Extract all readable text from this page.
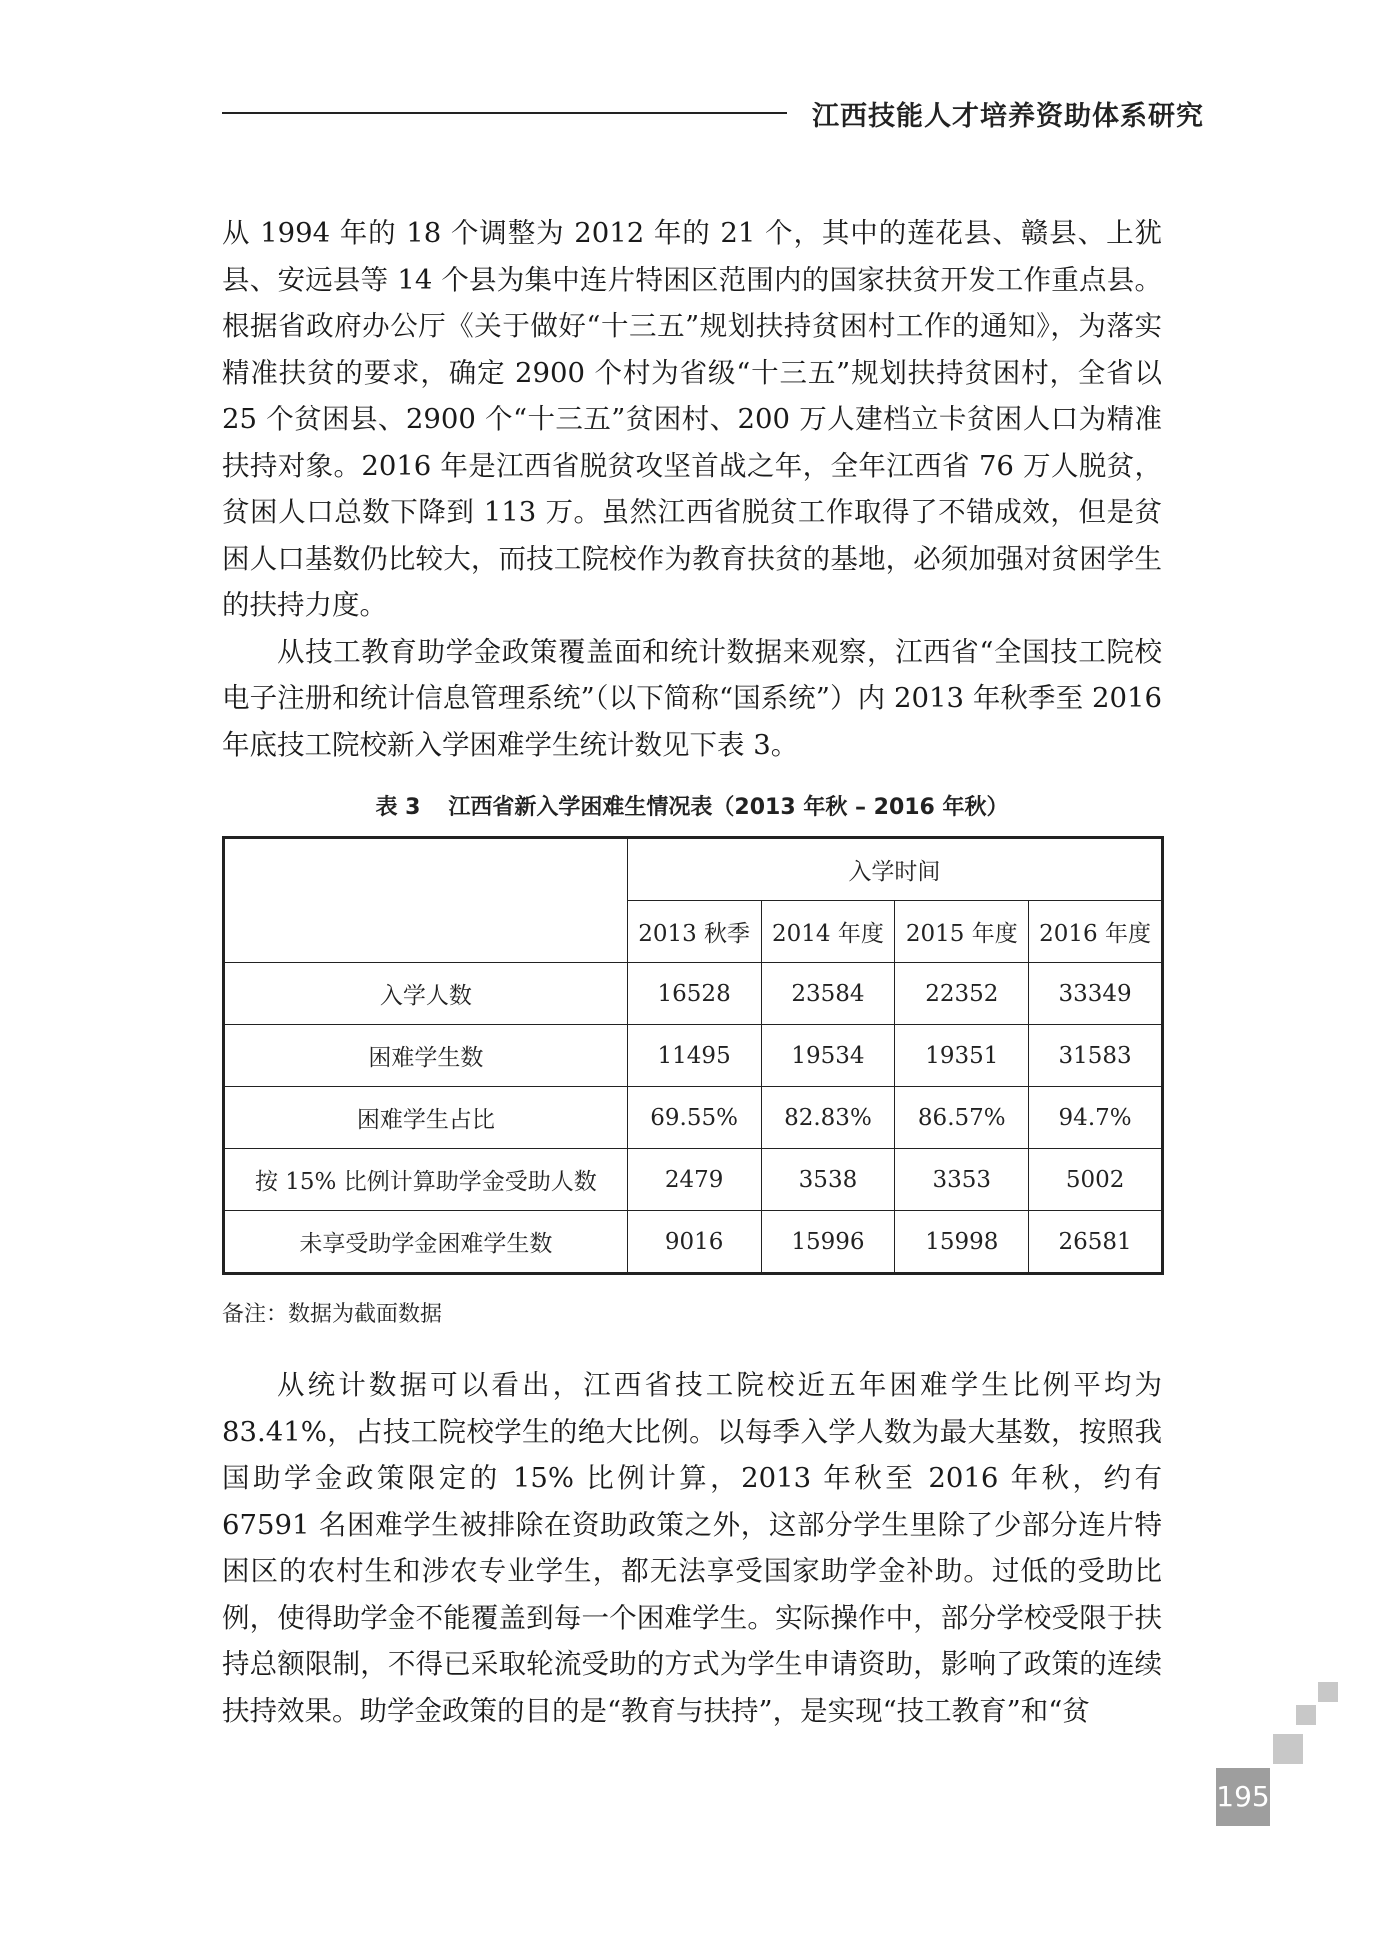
江西技能人才培养资助体系研究

从 1994 年的 18 个调整为 2012 年的 21 个，其中的莲花县、赣县、上犹县、安远县等 14 个县为集中连片特困区范围内的国家扶贫开发工作重点县。根据省政府办公厅《关于做好“十三五”规划扶持贫困村工作的通知》，为落实精准扶贫的要求，确定 2900 个村为省级“十三五”规划扶持贫困村，全省以 25 个贫困县、2900 个“十三五”贫困村、200 万人建档立卡贫困人口为精准扶持对象。2016 年是江西省脱贫攻坚首战之年，全年江西省 76 万人脱贫，贫困人口总数下降到 113 万。虽然江西省脱贫工作取得了不错成效，但是贫困人口基数仍比较大，而技工院校作为教育扶贫的基地，必须加强对贫困学生的扶持力度。

从技工教育助学金政策覆盖面和统计数据来观察，江西省“全国技工院校电子注册和统计信息管理系统”（以下简称“国系统”）内 2013 年秋季至 2016 年底技工院校新入学困难学生统计数见下表 3。

表 3 江西省新入学困难生情况表（2013 年秋 – 2016 年秋）
	入学时间			
	2013 秋季	2014 年度	2015 年度	2016 年度
入学人数	16528	23584	22352	33349
困难学生数	11495	19534	19351	31583
困难学生占比	69.55%	82.83%	86.57%	94.7%
按 15% 比例计算助学金受助人数	2479	3538	3353	5002
未享受助学金困难学生数	9016	15996	15998	26581
备注：数据为截面数据

从统计数据可以看出，江西省技工院校近五年困难学生比例平均为 83.41%，占技工院校学生的绝大比例。以每季入学人数为最大基数，按照我国助学金政策限定的 15% 比例计算，2013 年秋至 2016 年秋，约有 67591 名困难学生被排除在资助政策之外，这部分学生里除了少部分连片特困区的农村生和涉农专业学生，都无法享受国家助学金补助。过低的受助比例，使得助学金不能覆盖到每一个困难学生。实际操作中，部分学校受限于扶持总额限制，不得已采取轮流受助的方式为学生申请资助，影响了政策的连续扶持效果。助学金政策的目的是“教育与扶持”，是实现“技工教育”和“贫

195
